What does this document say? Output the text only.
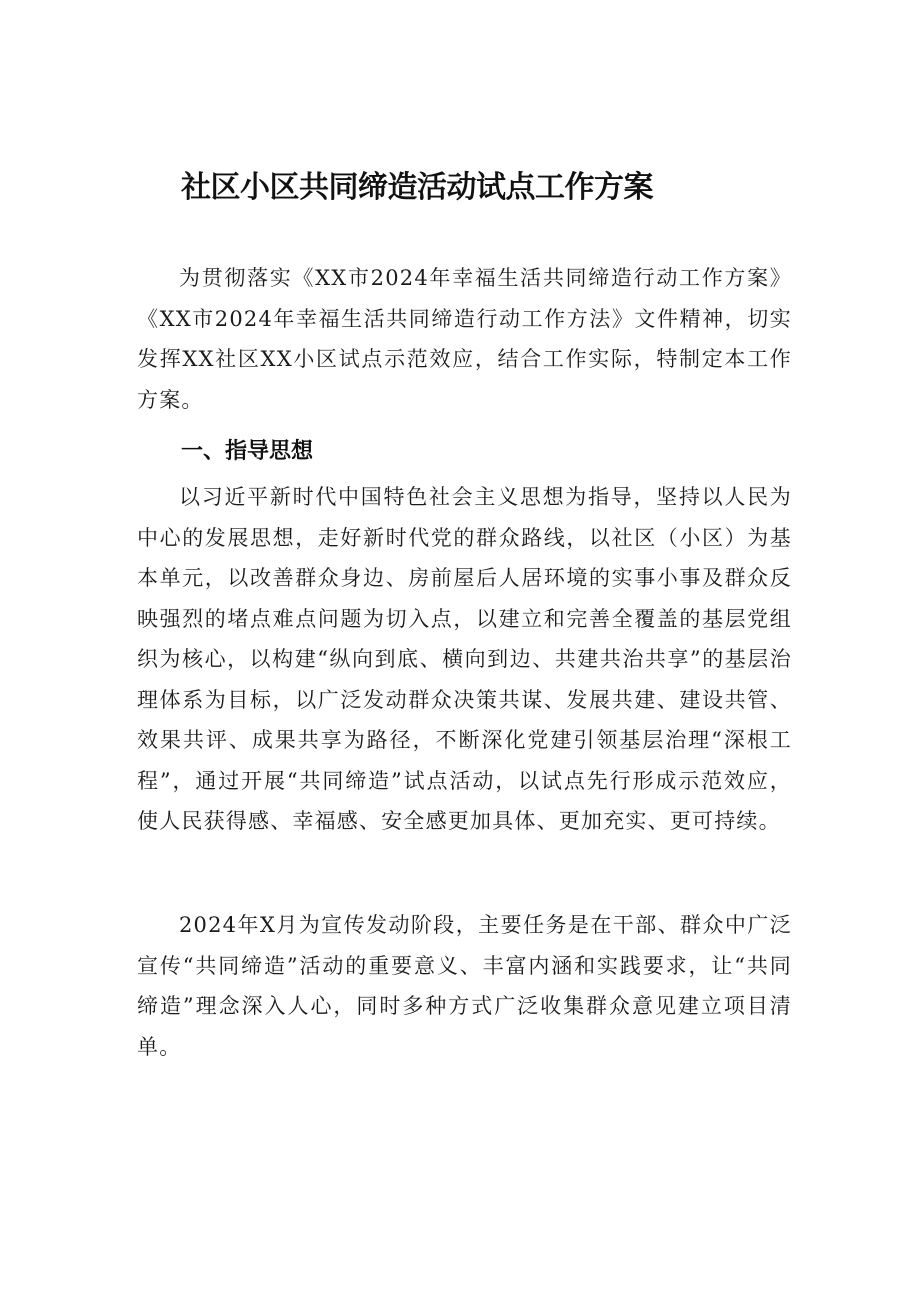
社区小区共同缔造活动试点工作方案

为贯彻落实《XX市2024年幸福生活共同缔造行动工作方案》《XX市2024年幸福生活共同缔造行动工作方法》文件精神，切实发挥XX社区XX小区试点示范效应，结合工作实际，特制定本工作方案。

一、指导思想

以习近平新时代中国特色社会主义思想为指导，坚持以人民为中心的发展思想，走好新时代党的群众路线，以社区（小区）为基本单元，以改善群众身边、房前屋后人居环境的实事小事及群众反映强烈的堵点难点问题为切入点，以建立和完善全覆盖的基层党组织为核心，以构建“纵向到底、横向到边、共建共治共享”的基层治理体系为目标，以广泛发动群众决策共谋、发展共建、建设共管、效果共评、成果共享为路径，不断深化党建引领基层治理“深根工程”，通过开展“共同缔造”试点活动，以试点先行形成示范效应，使人民获得感、幸福感、安全感更加具体、更加充实、更可持续。

2024年X月为宣传发动阶段，主要任务是在干部、群众中广泛宣传“共同缔造”活动的重要意义、丰富内涵和实践要求，让“共同缔造”理念深入人心，同时多种方式广泛收集群众意见建立项目清单。
